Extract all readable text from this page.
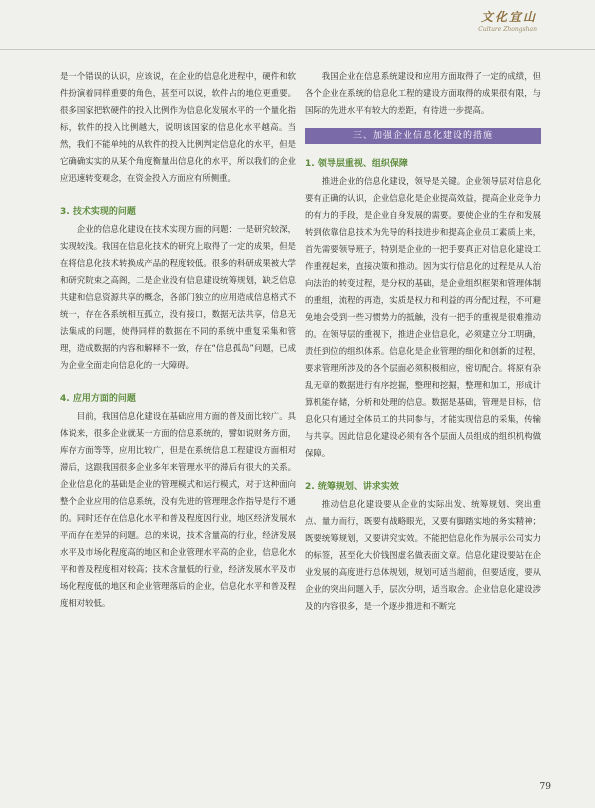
文化宜山
Culture Zhongshan

是一个错误的认识，应该说，在企业的信息化进程中，硬件和软件扮演着同样重要的角色，甚至可以说，软件占的地位更重要。很多国家把软硬件的投入比例作为信息化发展水平的一个量化指标，软件的投入比例越大，说明该国家的信息化水平越高。当然，我们不能单纯的从软件的投入比例判定信息化的水平，但是它确确实实的从某个角度衡量出信息化的水平，所以我们的企业应迅速转变观念，在资金投入方面应有所侧重。

3. 技术实现的问题

企业的信息化建设在技术实现方面的问题：一是研究较深，实现较浅。我国在信息化技术的研究上取得了一定的成果，但是在将信息化技术转换成产品的程度较低。很多的科研成果被大学和研究院束之高阁，二是企业没有信息建设统筹规划，缺乏信息共建和信息资源共享的概念，各部门独立的应用造成信息格式不统一，存在各系统相互孤立，没有接口，数据无法共享，信息无法集成的问题，使得同样的数据在不同的系统中重复采集和管理，造成数据的内容和解释不一致，存在“信息孤岛”问题，已成为企业全面走向信息化的一大障碍。

4. 应用方面的问题

目前，我国信息化建设在基础应用方面的普及面比较广。具体说来，很多企业就某一方面的信息系统的，譬如说财务方面，库存方面等等，应用比较广，但是在系统信息工程建设方面相对滞后，这跟我国很多企业多年来管理水平的滞后有很大的关系。企业信息化的基础是企业的管理模式和运行模式，对于这种面向整个企业应用的信息系统，没有先进的管理理念作指导是行不通的。同时还存在信息化水平和普及程度因行业，地区经济发展水平而存在差异的问题。总的来说，技术含量高的行业，经济发展水平及市场化程度高的地区和企业管理水平高的企业，信息化水平和普及程度相对较高；技术含量低的行业，经济发展水平及市场化程度低的地区和企业管理落后的企业，信息化水平和普及程度相对较低。

我国企业在信息系统建设和应用方面取得了一定的成绩，但各个企业在系统的信息化工程的建设方面取得的成果很有限，与国际的先进水平有较大的差距，有待进一步提高。

三、加强企业信息化建设的措施

1. 领导层重视、组织保障

推进企业的信息化建设，领导是关键。企业领导层对信息化要有正确的认识，企业信息化是企业提高效益，提高企业竞争力的有力的手段，是企业自身发展的需要。要使企业的生存和发展转到依靠信息技术为先导的科技进步和提高企业员工素质上来，首先需要领导班子，特别是企业的一把手要真正对信息化建设工作重视起来，直接决策和推动。因为实行信息化的过程是从人治向法治的转变过程，是分权的基础，是企业组织框架和管理体制的重组，流程的再造，实质是权力和利益的再分配过程，不可避免地会受到一些习惯势力的抵触，没有一把手的重视是很难推动的。在领导层的重视下，推进企业信息化，必须建立分工明确，责任到位的组织体系。信息化是企业管理的细化和创新的过程，要求管理所涉及的各个层面必须积极相应，密切配合。将原有杂乱无章的数据进行有序挖掘，整理和挖掘，整理和加工，形成计算机能存储，分析和处理的信息。数据是基础，管理是目标，信息化只有通过全体员工的共同参与，才能实现信息的采集，传输与共享。因此信息化建设必须有各个层面人员组成的组织机构做保障。

2. 统筹规划、讲求实效

推动信息化建设要从企业的实际出发、统筹规划、突出重点、量力而行，既要有战略眼光，又要有脚踏实地的务实精神；既要统筹规划，又要讲究实效。不能把信息化作为展示公司实力的标签，甚至化大价钱图虚名做表面文章。信息化建设要站在企业发展的高度进行总体规划，规划可适当超前，但要适度，要从企业的突出问题入手，层次分明，适当取舍。企业信息化建设涉及的内容很多，是一个逐步推进和不断完

79
